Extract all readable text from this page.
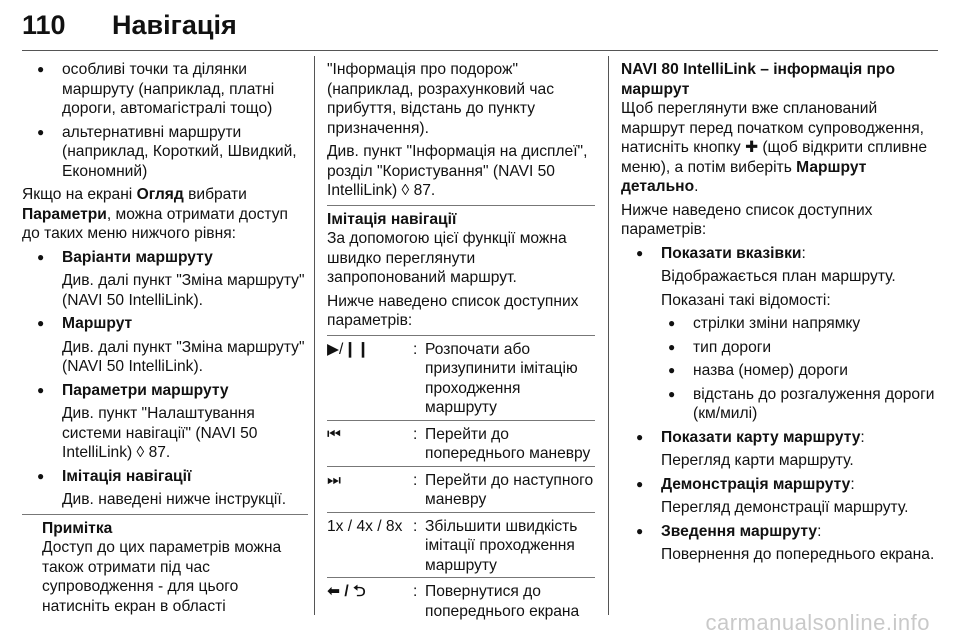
110 Навігація
● особливі точки та ділянки маршруту (наприклад, платні дороги, автомагістралі тощо)
● альтернативні маршрути (наприклад, Короткий, Швидкий, Економний)

Якщо на екрані Огляд вибрати Параметри, можна отримати доступ до таких меню нижчого рівня:

● Варіанти маршруту
Див. далі пункт "Зміна маршруту" (NAVI 50 IntelliLink).
● Маршрут
Див. далі пункт "Зміна маршруту" (NAVI 50 IntelliLink).
● Параметри маршруту
Див. пункт "Налаштування системи навігації" (NAVI 50 IntelliLink) ◊ 87.
● Імітація навігації
Див. наведені нижче інструкції.
Примітка
Доступ до цих параметрів можна також отримати під час супроводження - для цього натисніть екран в області

"Інформація про подорож" (наприклад, розрахунковий час прибуття, відстань до пункту призначення).

Див. пункт "Інформація на дисплеї", розділ "Користування" (NAVI 50 IntelliLink) ◊ 87.

Імітація навігації

За допомогою цієї функції можна швидко переглянути запропонований маршрут.

Нижче наведено список доступних параметрів:

▶/❙❙	: Розпочати або призупинити імітацію проходження маршруту
⏮	: Перейти до попереднього маневру
⏭	: Перейти до наступного маневру
1x / 4x / 8x : Збільшити швидкість імітації проходження маршруту
⬅ / ⮌	: Повернутися до попереднього екрана
NAVI 80 IntelliLink – інформація про маршрут

Щоб переглянути вже спланований маршрут перед початком супроводження, натисніть кнопку ✚ (щоб відкрити спливне меню), а потім виберіть Маршрут детально.

Нижче наведено список доступних параметрів:

● Показати вказівки:
Відображається план маршруту.
Показані такі відомості:
● стрілки зміни напрямку
● тип дороги
● назва (номер) дороги
● відстань до розгалуження дороги (км/милі)
● Показати карту маршруту:
Перегляд карти маршруту.
● Демонстрація маршруту:
Перегляд демонстрації маршруту.
● Зведення маршруту:
Повернення до попереднього екрана.
carmanualsonline.info
